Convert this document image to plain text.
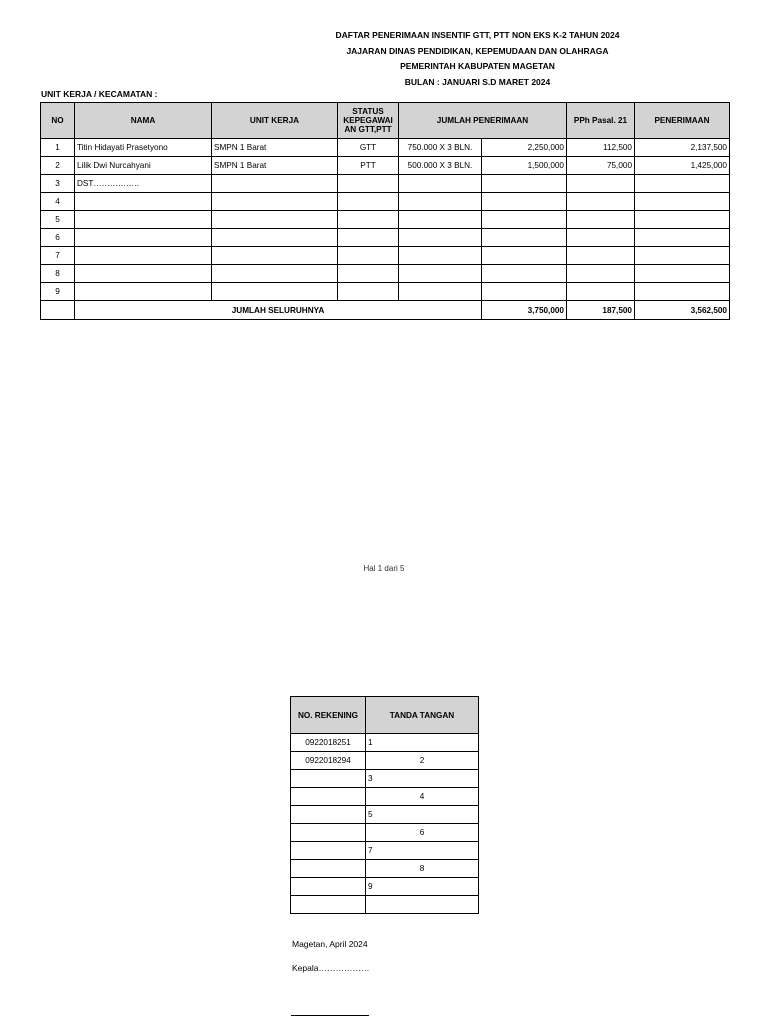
DAFTAR PENERIMAAN INSENTIF GTT, PTT NON EKS K-2 TAHUN 2024
JAJARAN DINAS PENDIDIKAN, KEPEMUDAAN DAN OLAHRAGA
PEMERINTAH KABUPATEN MAGETAN
BULAN : JANUARI S.D MARET 2024
UNIT KERJA / KECAMATAN :
NO	NAMA	UNIT KERJA	STATUS KEPEGAWAI AN GTT,PTT	JUMLAH PENERIMAAN		PPh Pasal. 21	PENERIMAAN
1	Titin Hidayati Prasetyono	SMPN 1 Barat	GTT	750.000 X 3 BLN.	2,250,000	112,500	2,137,500
2	Lilik Dwi Nurcahyani	SMPN 1 Barat	PTT	500.000 X 3 BLN.	1,500,000	75,000	1,425,000
3	DST……………..						
4							
5							
6							
7							
8							
9							
	JUMLAH SELURUHNYA				3,750,000	187,500	3,562,500
Hal 1 dari 5
NO. REKENING	TANDA TANGAN
0922018251	1
0922018294	2
	3
	4
	5
	6
	7
	8
	9

Magetan, April 2024
Kepala………………
